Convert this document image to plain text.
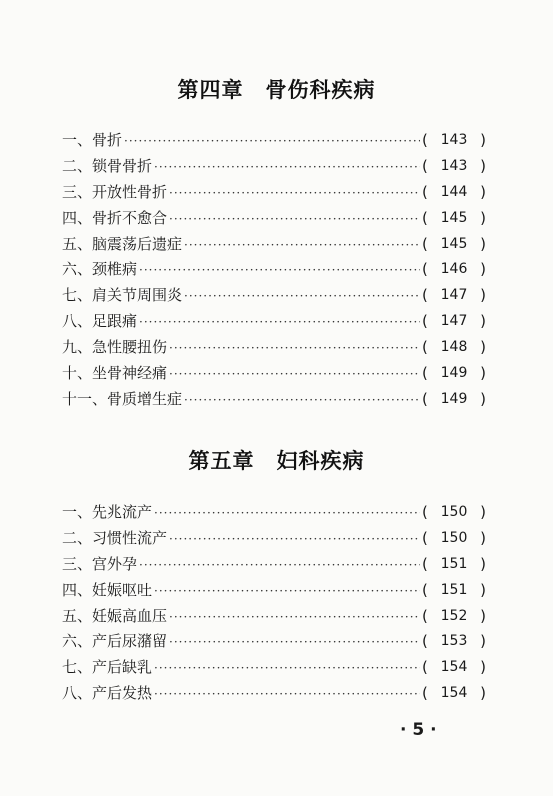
第四章 骨伤科疾病
一、骨折 ·····	( 143 )
二、锁骨骨折 ·····	( 143 )
三、开放性骨折 ·····	( 144 )
四、骨折不愈合 ·····	( 145 )
五、脑震荡后遗症 ·····	( 145 )
六、颈椎病 ·····	( 146 )
七、肩关节周围炎 ·····	( 147 )
八、足跟痛 ·····	( 147 )
九、急性腰扭伤 ·····	( 148 )
十、坐骨神经痛 ·····	( 149 )
十一、骨质增生症 ·····	( 149 )
第五章 妇科疾病
一、先兆流产 ·····	( 150 )
二、习惯性流产 ·····	( 150 )
三、宫外孕 ·····	( 151 )
四、妊娠呕吐 ·····	( 151 )
五、妊娠高血压 ·····	( 152 )
六、产后尿潴留 ·····	( 153 )
七、产后缺乳 ·····	( 154 )
八、产后发热 ·····	( 154 )
· 5 ·
